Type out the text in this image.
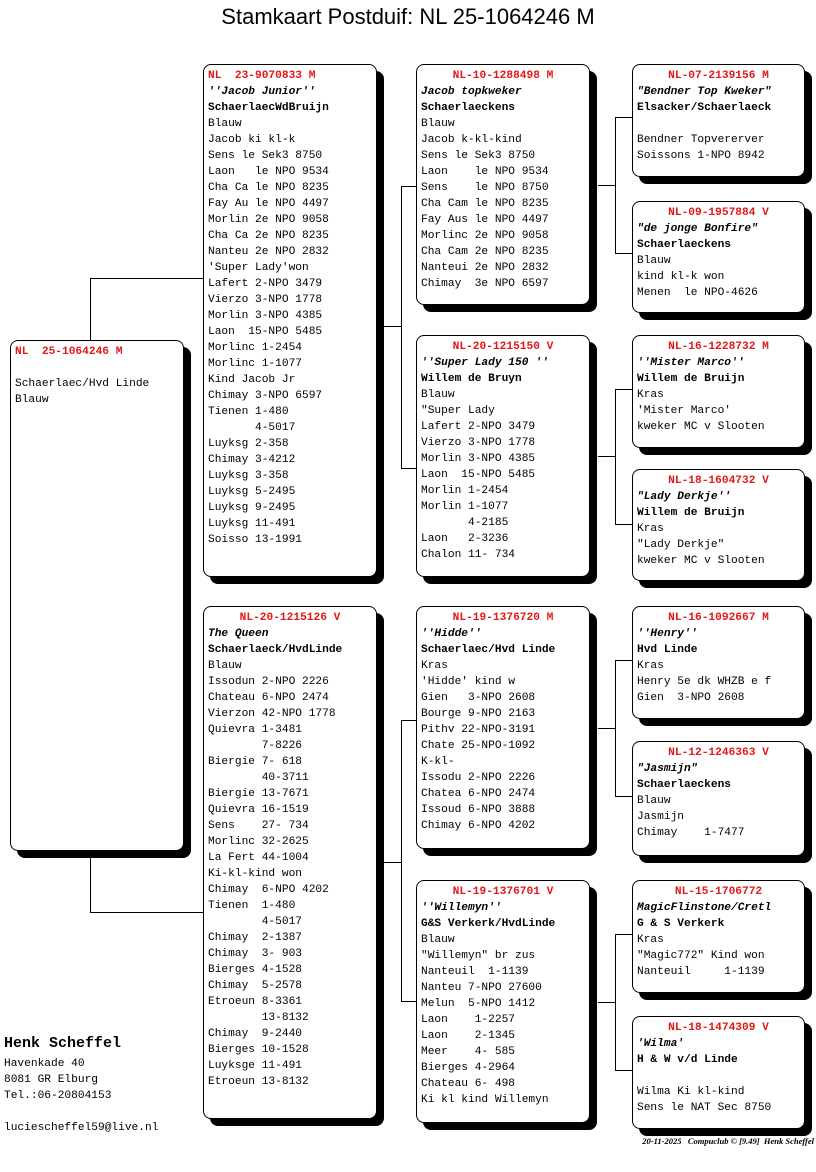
Stamkaart Postduif: NL 25-1064246 M
NL  25-1064246 M
Schaerlaec/Hvd Linde
Blauw
NL  23-9070833 M
''Jacob Junior''
SchaerlaecWdBruijn
Blauw
Jacob ki kl-k
Sens le Sek3 8750
Laon   le NPO 9534
Cha Ca le NPO 8235
Fay Au le NPO 4497
Morlin 2e NPO 9058
Cha Ca 2e NPO 8235
Nanteu 2e NPO 2832
'Super Lady'won
Lafert 2-NPO 3479
Vierzo 3-NPO 1778
Morlin 3-NPO 4385
Laon  15-NPO 5485
Morlinc 1-2454
Morlinc 1-1077
Kind Jacob Jr
Chimay 3-NPO 6597
Tienen 1-480
4-5017
Luyksg 2-358
Chimay 3-4212
Luyksg 3-358
Luyksg 5-2495
Luyksg 9-2495
Luyksg 11-491
Soisso 13-1991
NL-20-1215126 V
The Queen
Schaerlaeck/HvdLinde
Blauw
Issodun 2-NPO 2226
Chateau 6-NPO 2474
Vierzon 42-NPO 1778
Quievra 1-3481
7-8226
Biergie 7- 618
40-3711
Biergie 13-7671
Quievra 16-1519
Sens    27- 734
Morlinc 32-2625
La Fert 44-1004
Ki-kl-kind won
Chimay  6-NPO 4202
Tienen  1-480
4-5017
Chimay  2-1387
Chimay  3- 903
Bierges 4-1528
Chimay  5-2578
Etroeun 8-3361
13-8132
Chimay  9-2440
Bierges 10-1528
Luyksge 11-491
Etroeun 13-8132
NL-10-1288498 M
Jacob topkweker
Schaerlaeckens
Blauw
Jacob k-kl-kind
Sens le Sek3 8750
Laon    le NPO 9534
Sens    le NPO 8750
Cha Cam le NPO 8235
Fay Aus le NPO 4497
Morlinc 2e NPO 9058
Cha Cam 2e NPO 8235
Nanteui 2e NPO 2832
Chimay  3e NPO 6597
NL-20-1215150 V
''Super Lady 150 ''
Willem de Bruyn
Blauw
"Super Lady
Lafert 2-NPO 3479
Vierzo 3-NPO 1778
Morlin 3-NPO 4385
Laon  15-NPO 5485
Morlin 1-2454
Morlin 1-1077
4-2185
Laon   2-3236
Chalon 11- 734
NL-19-1376720 M
''Hidde''
Schaerlaec/Hvd Linde
Kras
'Hidde' kind w
Gien   3-NPO 2608
Bourge 9-NPO 2163
Pithv 22-NPO-3191
Chate 25-NPO-1092
K-kl-
Issodu 2-NPO 2226
Chatea 6-NPO 2474
Issoud 6-NPO 3888
Chimay 6-NPO 4202
NL-19-1376701 V
''Willemyn''
G&S Verkerk/HvdLinde
Blauw
"Willemyn" br zus
Nanteuil  1-1139
Nanteu 7-NPO 27600
Melun  5-NPO 1412
Laon    1-2257
Laon    2-1345
Meer    4- 585
Bierges 4-2964
Chateau 6- 498
Ki kl kind Willemyn
NL-07-2139156 M
"Bendner Top Kweker"
Elsacker/Schaerlaeck
Bendner Topvererver
Soissons 1-NPO 8942
NL-09-1957884 V
"de jonge Bonfire"
Schaerlaeckens
Blauw
kind kl-k won
Menen  le NPO-4626
NL-16-1228732 M
''Mister Marco''
Willem de Bruijn
Kras
'Mister Marco'
kweker MC v Slooten
NL-18-1604732 V
"Lady Derkje''
Willem de Bruijn
Kras
"Lady Derkje"
kweker MC v Slooten
NL-16-1092667 M
''Henry''
Hvd Linde
Kras
Henry 5e dk WHZB e f
Gien  3-NPO 2608
NL-12-1246363 V
"Jasmijn"
Schaerlaeckens
Blauw
Jasmijn
Chimay    1-7477
NL-15-1706772
MagicFlinstone/Cretl
G & S Verkerk
Kras
"Magic772" Kind won
Nanteuil     1-1139
NL-18-1474309 V
'Wilma'
H & W v/d Linde
Wilma Ki kl-kind
Sens le NAT Sec 8750
Henk Scheffel
Havenkade 40
8081 GR Elburg
Tel.:06-20804153
luciescheffel59@live.nl
20-11-2025 Compuclub © [9.49]  Henk Scheffel
